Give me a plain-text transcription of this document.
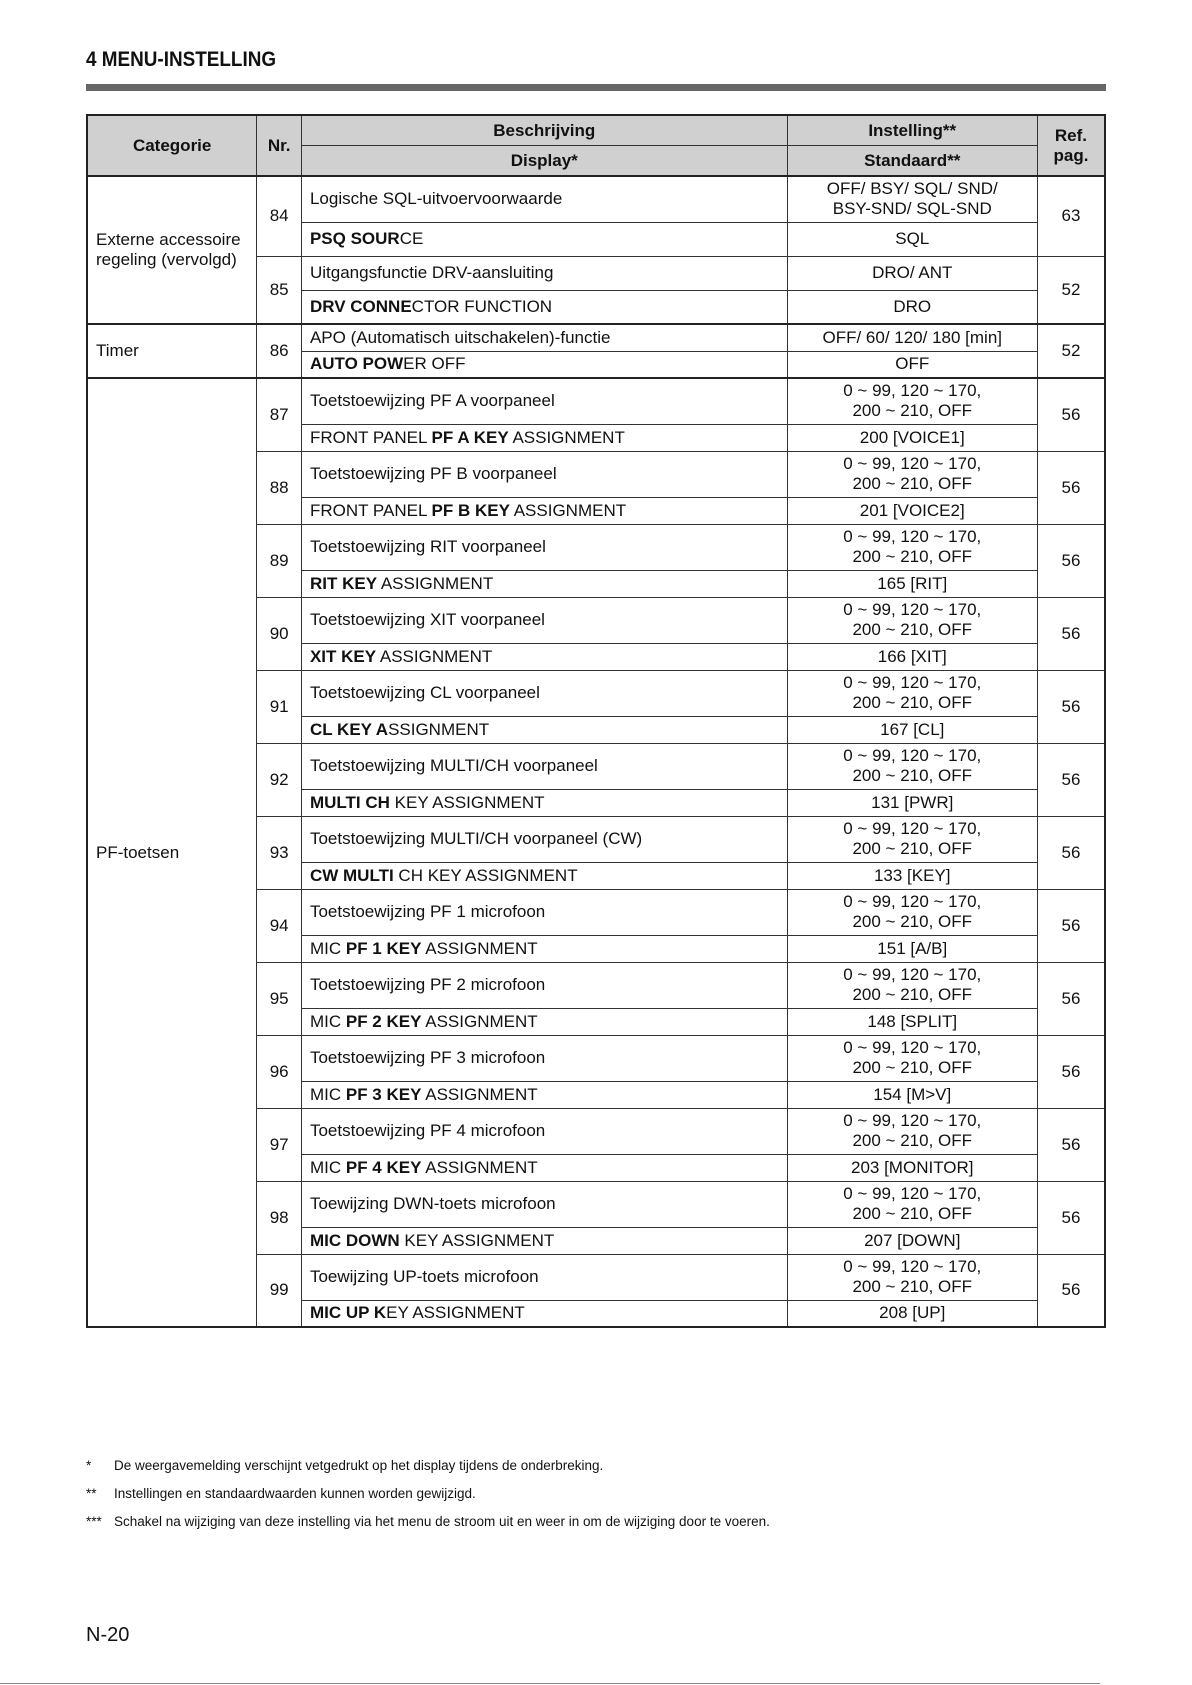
4 MENU-INSTELLING
Categorie	Nr.	Beschrijving	Instelling**	Ref. pag.
		Display*	Standaard**	
Externe accessoire regeling (vervolgd)	84	Logische SQL-uitvoervoorwaarde	OFF/ BSY/ SQL/ SND/
BSY-SND/ SQL-SND	63
		PSQ SOURCE	SQL	
	85	Uitgangsfunctie DRV-aansluiting	DRO/ ANT	52
		DRV CONNECTOR FUNCTION	DRO	
Timer	86	APO (Automatisch uitschakelen)-functie	OFF/ 60/ 120/ 180 [min]	52
		AUTO POWER OFF	OFF	
PF-toetsen	87	Toetstoewijzing PF A voorpaneel	0 ~ 99, 120 ~ 170,
200 ~ 210, OFF	56
		FRONT PANEL PF A KEY ASSIGNMENT	200 [VOICE1]	
	88	Toetstoewijzing PF B voorpaneel	0 ~ 99, 120 ~ 170,
200 ~ 210, OFF	56
		FRONT PANEL PF B KEY ASSIGNMENT	201 [VOICE2]	
	89	Toetstoewijzing RIT voorpaneel	0 ~ 99, 120 ~ 170,
200 ~ 210, OFF	56
		RIT KEY ASSIGNMENT	165 [RIT]	
	90	Toetstoewijzing XIT voorpaneel	0 ~ 99, 120 ~ 170,
200 ~ 210, OFF	56
		XIT KEY ASSIGNMENT	166 [XIT]	
	91	Toetstoewijzing CL voorpaneel	0 ~ 99, 120 ~ 170,
200 ~ 210, OFF	56
		CL KEY ASSIGNMENT	167 [CL]	
	92	Toetstoewijzing MULTI/CH voorpaneel	0 ~ 99, 120 ~ 170,
200 ~ 210, OFF	56
		MULTI CH KEY ASSIGNMENT	131 [PWR]	
	93	Toetstoewijzing MULTI/CH voorpaneel (CW)	0 ~ 99, 120 ~ 170,
200 ~ 210, OFF	56
		CW MULTI CH KEY ASSIGNMENT	133 [KEY]	
	94	Toetstoewijzing PF 1 microfoon	0 ~ 99, 120 ~ 170,
200 ~ 210, OFF	56
		MIC PF 1 KEY ASSIGNMENT	151 [A/B]	
	95	Toetstoewijzing PF 2 microfoon	0 ~ 99, 120 ~ 170,
200 ~ 210, OFF	56
		MIC PF 2 KEY ASSIGNMENT	148 [SPLIT]	
	96	Toetstoewijzing PF 3 microfoon	0 ~ 99, 120 ~ 170,
200 ~ 210, OFF	56
		MIC PF 3 KEY ASSIGNMENT	154 [M>V]	
	97	Toetstoewijzing PF 4 microfoon	0 ~ 99, 120 ~ 170,
200 ~ 210, OFF	56
		MIC PF 4 KEY ASSIGNMENT	203 [MONITOR]	
	98	Toewijzing DWN-toets microfoon	0 ~ 99, 120 ~ 170,
200 ~ 210, OFF	56
		MIC DOWN KEY ASSIGNMENT	207 [DOWN]	
	99	Toewijzing UP-toets microfoon	0 ~ 99, 120 ~ 170,
200 ~ 210, OFF	56
		MIC UP KEY ASSIGNMENT	208 [UP]	
*	De weergavemelding verschijnt vetgedrukt op het display tijdens de onderbreking.
**	Instellingen en standaardwaarden kunnen worden gewijzigd.
*** Schakel na wijziging van deze instelling via het menu de stroom uit en weer in om de wijziging door te voeren.
N-20
